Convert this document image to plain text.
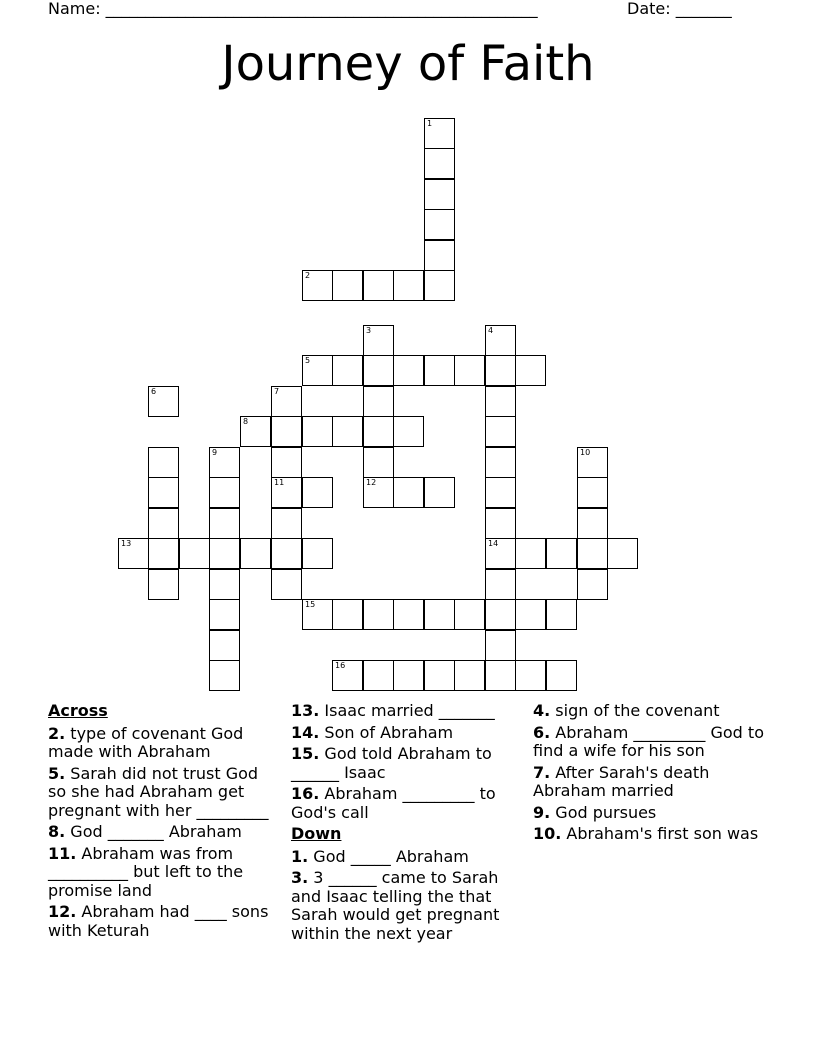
Name: ______________________________________________________	Date: _______
Journey of Faith
1
2
3	4
5
6	7
8
9	10
11	12
13	14
15
16
Across
2. type of covenant God made with Abraham
5. Sarah did not trust God so she had Abraham get pregnant with her _________
8. God _______ Abraham
11. Abraham was from __________ but left to the promise land
12. Abraham had ____ sons with Keturah
13. Isaac married _______
14. Son of Abraham
15. God told Abraham to ______ Isaac
16. Abraham _________ to God's call
Down
1. God _____ Abraham
3. 3 ______ came to Sarah and Isaac telling the that Sarah would get pregnant within the next year
4. sign of the covenant
6. Abraham _________ God to find a wife for his son
7. After Sarah's death Abraham married
9. God pursues
10. Abraham's first son was
